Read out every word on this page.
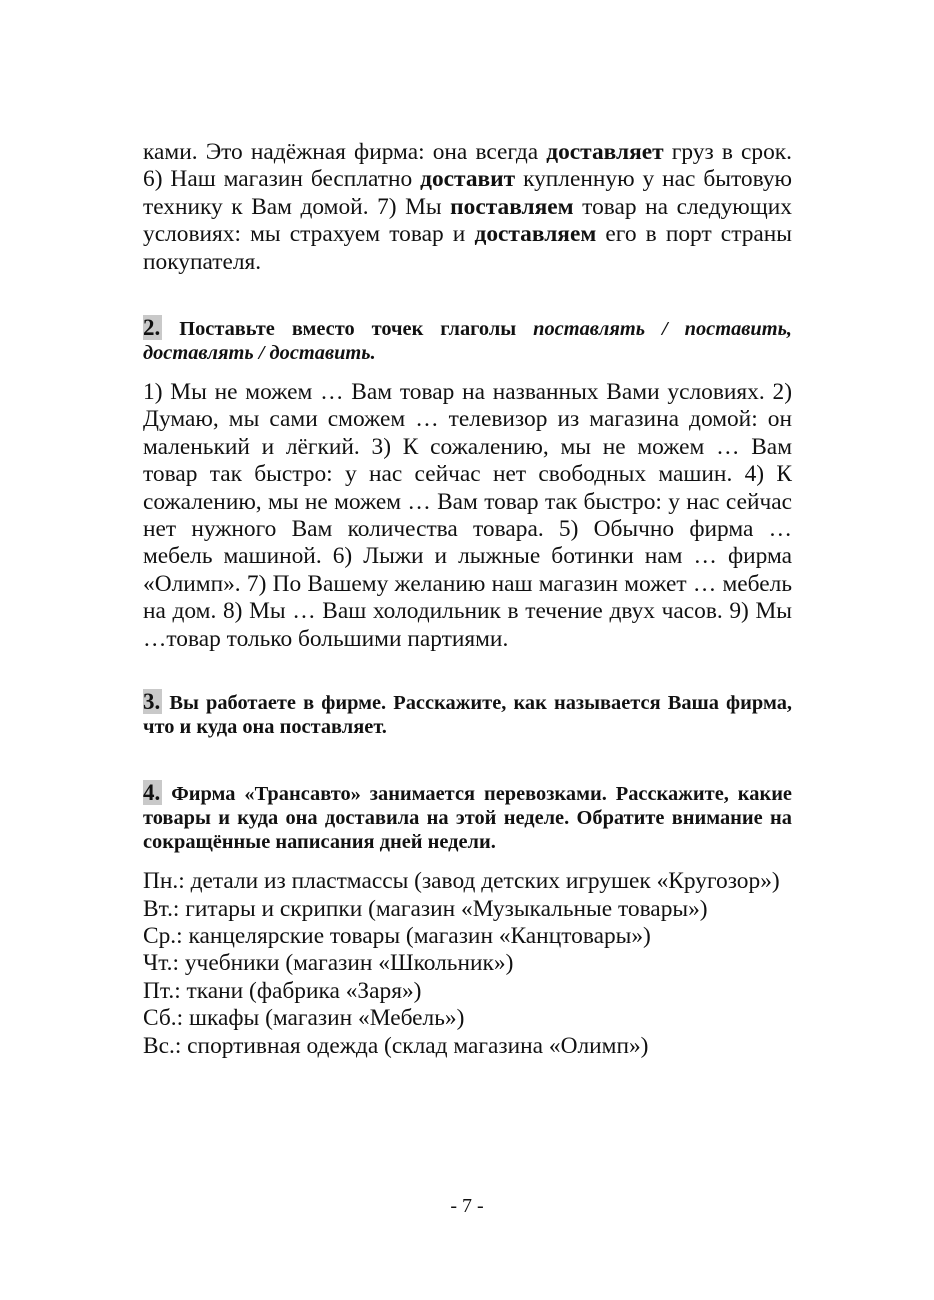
ками. Это надёжная фирма: она всегда доставляет груз в срок. 6) Наш магазин бесплатно доставит купленную у нас бытовую технику к Вам домой. 7) Мы поставляем товар на следующих условиях: мы страхуем товар и доставляем его в порт страны покупателя.

2. Поставьте вместо точек глаголы поставлять / поставить, доставлять / доставить.

1) Мы не можем … Вам товар на названных Вами условиях. 2) Думаю, мы сами сможем … телевизор из магазина домой: он маленький и лёгкий. 3) К сожалению, мы не можем … Вам товар так быстро: у нас сейчас нет свободных машин. 4) К сожалению, мы не можем … Вам товар так быстро: у нас сейчас нет нужного Вам количества товара. 5) Обычно фирма … мебель машиной. 6) Лыжи и лыжные ботинки нам … фирма «Олимп». 7) По Вашему желанию наш магазин может … мебель на дом. 8) Мы … Ваш холодильник в течение двух часов. 9) Мы …товар только большими партиями.

3. Вы работаете в фирме. Расскажите, как называется Ваша фирма, что и куда она поставляет.

4. Фирма «Трансавто» занимается перевозками. Расскажите, какие товары и куда она доставила на этой неделе. Обратите внимание на сокращённые написания дней недели.

Пн.: детали из пластмассы (завод детских игрушек «Кругозор»)

Вт.: гитары и скрипки (магазин «Музыкальные товары»)

Ср.: канцелярские товары (магазин «Канцтовары»)

Чт.: учебники (магазин «Школьник»)

Пт.: ткани (фабрика «Заря»)

Сб.: шкафы (магазин «Мебель»)

Вс.: спортивная одежда (склад магазина «Олимп»)

- 7 -
